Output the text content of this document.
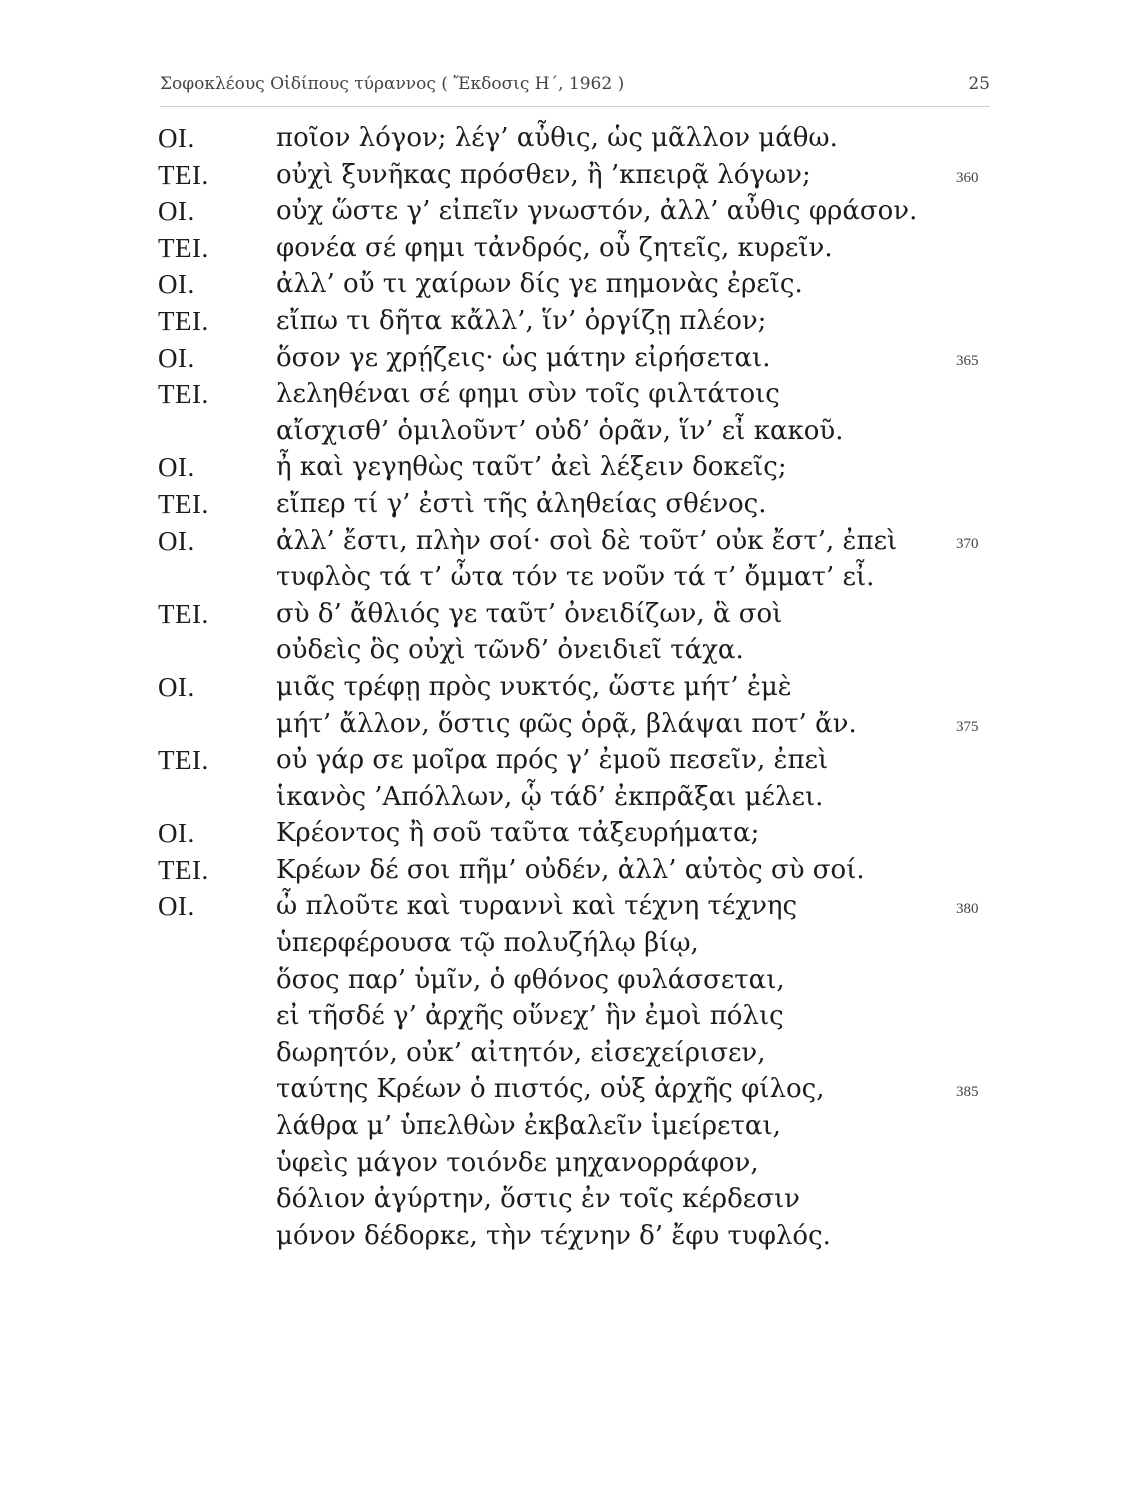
Σοφοκλέους Οἰδίπους τύραννος ( Ἔκδοσις Η΄, 1962 )	25
ΟΙ.	ποῖον λόγον; λέγ’ αὖθις, ὡς μᾶλλον μάθω.
ΤΕΙ.	οὐχὶ ξυνῆκας πρόσθεν, ἢ ’κπειρᾷ λόγων;	360
ΟΙ.	οὐχ ὥστε γ’ εἰπεῖν γνωστόν, ἀλλ’ αὖθις φράσον.
ΤΕΙ.	φονέα σέ φημι τἀνδρός, οὗ ζητεῖς, κυρεῖν.
ΟΙ.	ἀλλ’ οὔ τι χαίρων δίς γε πημονὰς ἐρεῖς.
ΤΕΙ.	εἴπω τι δῆτα κἄλλ’, ἵν’ ὀργίζῃ πλέον;
ΟΙ.	ὅσον γε χρῄζεις· ὡς μάτην εἰρήσεται.	365
ΤΕΙ.	λεληθέναι σέ φημι σὺν τοῖς φιλτάτοις
αἴσχισθ’ ὁμιλοῦντ’ οὐδ’ ὁρᾶν, ἵν’ εἶ κακοῦ.
ΟΙ.	ἦ καὶ γεγηθὼς ταῦτ’ ἀεὶ λέξειν δοκεῖς;
ΤΕΙ.	εἴπερ τί γ’ ἐστὶ τῆς ἀληθείας σθένος.
ΟΙ.	ἀλλ’ ἔστι, πλὴν σοί· σοὶ δὲ τοῦτ’ οὐκ ἔστ’, ἐπεὶ	370
τυφλὸς τά τ’ ὦτα τόν τε νοῦν τά τ’ ὄμματ’ εἶ.
ΤΕΙ.	σὺ δ’ ἄθλιός γε ταῦτ’ ὀνειδίζων, ἃ σοὶ
οὐδεὶς ὃς οὐχὶ τῶνδ’ ὀνειδιεῖ τάχα.
ΟΙ.	μιᾶς τρέφῃ πρὸς νυκτός, ὥστε μήτ’ ἐμὲ
μήτ’ ἄλλον, ὅστις φῶς ὁρᾷ, βλάψαι ποτ’ ἄν.	375
ΤΕΙ.	οὐ γάρ σε μοῖρα πρός γ’ ἐμοῦ πεσεῖν, ἐπεὶ
ἱκανὸς ’Απόλλων, ᾧ τάδ’ ἐκπρᾶξαι μέλει.
ΟΙ.	Κρέοντος ἢ σοῦ ταῦτα τἀξευρήματα;
ΤΕΙ.	Κρέων δέ σοι πῆμ’ οὐδέν, ἀλλ’ αὐτὸς σὺ σοί.
ΟΙ.	ὦ πλοῦτε καὶ τυραννὶ καὶ τέχνη τέχνης	380
ὑπερφέρουσα τῷ πολυζήλῳ βίῳ,
ὅσος παρ’ ὑμῖν, ὁ φθόνος φυλάσσεται,
εἰ τῆσδέ γ’ ἀρχῆς οὕνεχ’ ἣν ἐμοὶ πόλις
δωρητόν, οὐκ’ αἰτητόν, εἰσεχείρισεν,
ταύτης Κρέων ὁ πιστός, οὑξ ἀρχῆς φίλος,	385
λάθρα μ’ ὑπελθὼν ἐκβαλεῖν ἱμείρεται,
ὑφεὶς μάγον τοιόνδε μηχανορράφον,
δόλιον ἀγύρτην, ὅστις ἐν τοῖς κέρδεσιν
μόνον δέδορκε, τὴν τέχνην δ’ ἔφυ τυφλός.
